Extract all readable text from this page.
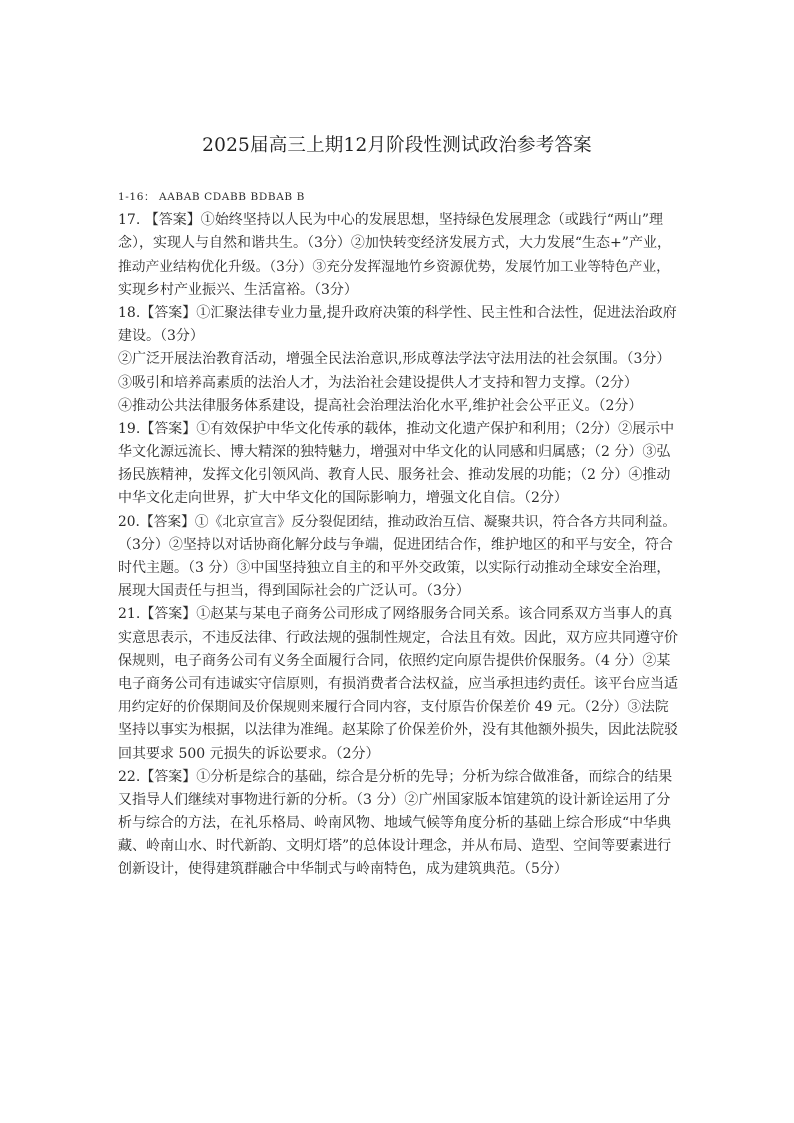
2025届高三上期12月阶段性测试政治参考答案
1-16： AABAB CDABB BDBAB B
17. 【答案】①始终坚持以人民为中心的发展思想，坚持绿色发展理念（或践行“两山”理
念），实现人与自然和谐共生。（3分）②加快转变经济发展方式，大力发展“生态+”产业，
推动产业结构优化升级。（3分）③充分发挥湿地竹乡资源优势，发展竹加工业等特色产业，
实现乡村产业振兴、生活富裕。（3分）
18.【答案】①汇聚法律专业力量,提升政府决策的科学性、民主性和合法性，促进法治政府
建设。（3分）
②广泛开展法治教育活动，增强全民法治意识,形成尊法学法守法用法的社会氛围。（3分）
③吸引和培养高素质的法治人才，为法治社会建设提供人才支持和智力支撑。（2分）
④推动公共法律服务体系建设，提高社会治理法治化水平,维护社会公平正义。（2分）
19.【答案】①有效保护中华文化传承的载体，推动文化遗产保护和利用；（2分）②展示中
华文化源远流长、博大精深的独特魅力，增强对中华文化的认同感和归属感；（2 分）③弘
扬民族精神，发挥文化引领风尚、教育人民、服务社会、推动发展的功能；（2 分）④推动
中华文化走向世界，扩大中华文化的国际影响力，增强文化自信。（2分）
20.【答案】①《北京宣言》反分裂促团结，推动政治互信、凝聚共识，符合各方共同利益。
（3分）②坚持以对话协商化解分歧与争端，促进团结合作，维护地区的和平与安全，符合
时代主题。（3 分）③中国坚持独立自主的和平外交政策，以实际行动推动全球安全治理，
展现大国责任与担当，得到国际社会的广泛认可。（3分）
21.【答案】①赵某与某电子商务公司形成了网络服务合同关系。该合同系双方当事人的真
实意思表示，不违反法律、行政法规的强制性规定，合法且有效。因此，双方应共同遵守价
保规则，电子商务公司有义务全面履行合同，依照约定向原告提供价保服务。（4 分）②某
电子商务公司有违诚实守信原则，有损消费者合法权益，应当承担违约责任。该平台应当适
用约定好的价保期间及价保规则来履行合同内容，支付原告价保差价 49 元。（2分）③法院
坚持以事实为根据，以法律为准绳。赵某除了价保差价外，没有其他额外损失，因此法院驳
回其要求 500 元损失的诉讼要求。（2分）
22.【答案】①分析是综合的基础，综合是分析的先导；分析为综合做准备，而综合的结果
又指导人们继续对事物进行新的分析。（3 分）②广州国家版本馆建筑的设计新诠运用了分
析与综合的方法，在礼乐格局、岭南风物、地域气候等角度分析的基础上综合形成“中华典
藏、岭南山水、时代新韵、文明灯塔”的总体设计理念，并从布局、造型、空间等要素进行
创新设计，使得建筑群融合中华制式与岭南特色，成为建筑典范。（5分）
